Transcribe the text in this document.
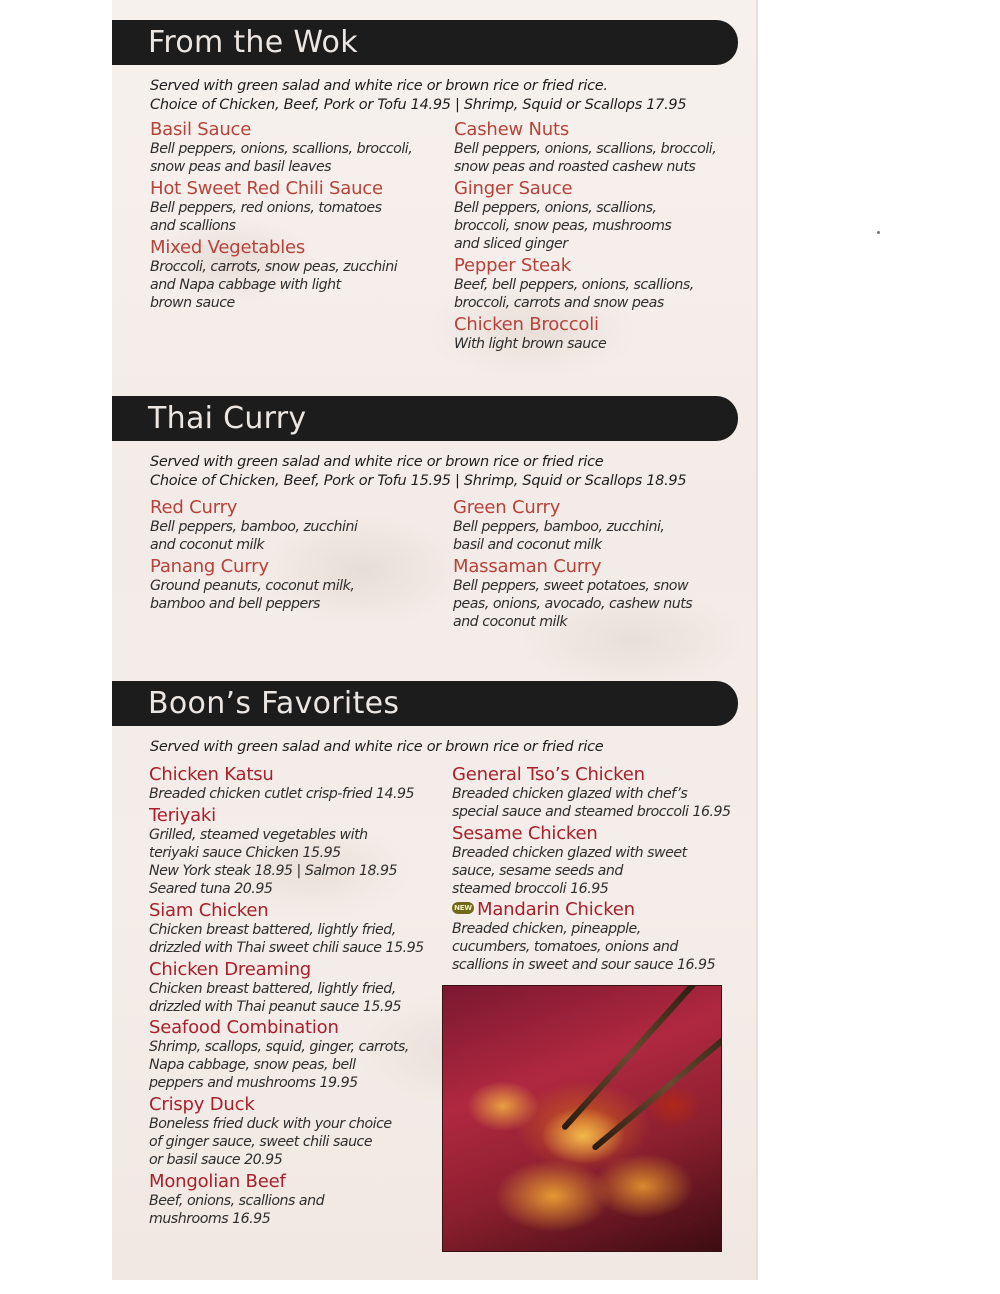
From the Wok
Served with green salad and white rice or brown rice or fried rice.
Choice of Chicken, Beef, Pork or Tofu 14.95 | Shrimp, Squid or Scallops 17.95
Basil Sauce
Bell peppers, onions, scallions, broccoli,
snow peas and basil leaves
Cashew Nuts
Bell peppers, onions, scallions, broccoli,
snow peas and roasted cashew nuts
Hot Sweet Red Chili Sauce
Bell peppers, red onions, tomatoes
and scallions
Ginger Sauce
Bell peppers, onions, scallions,
broccoli, snow peas, mushrooms
and sliced ginger
Mixed Vegetables
Broccoli, carrots, snow peas, zucchini
and Napa cabbage with light
brown sauce
Pepper Steak
Beef, bell peppers, onions, scallions,
broccoli, carrots and snow peas
Chicken Broccoli
With light brown sauce
Thai Curry
Served with green salad and white rice or brown rice or fried rice
Choice of Chicken, Beef, Pork or Tofu 15.95 | Shrimp, Squid or Scallops 18.95
Red Curry
Bell peppers, bamboo, zucchini
and coconut milk
Green Curry
Bell peppers, bamboo, zucchini,
basil and coconut milk
Panang Curry
Ground peanuts, coconut milk,
bamboo and bell peppers
Massaman Curry
Bell peppers, sweet potatoes, snow
peas, onions, avocado, cashew nuts
and coconut milk
Boon’s Favorites
Served with green salad and white rice or brown rice or fried rice
Chicken Katsu
Breaded chicken cutlet crisp-fried 14.95
Teriyaki
Grilled, steamed vegetables with
teriyaki sauce Chicken 15.95
New York steak 18.95 | Salmon 18.95
Seared tuna 20.95
Siam Chicken
Chicken breast battered, lightly fried,
drizzled with Thai sweet chili sauce 15.95
Chicken Dreaming
Chicken breast battered, lightly fried,
drizzled with Thai peanut sauce 15.95
Seafood Combination
Shrimp, scallops, squid, ginger, carrots,
Napa cabbage, snow peas, bell
peppers and mushrooms 19.95
Crispy Duck
Boneless fried duck with your choice
of ginger sauce, sweet chili sauce
or basil sauce 20.95
Mongolian Beef
Beef, onions, scallions and
mushrooms 16.95
General Tso’s Chicken
Breaded chicken glazed with chef’s
special sauce and steamed broccoli 16.95
Sesame Chicken
Breaded chicken glazed with sweet
sauce, sesame seeds and
steamed broccoli 16.95
NEW Mandarin Chicken
Breaded chicken, pineapple,
cucumbers, tomatoes, onions and
scallions in sweet and sour sauce 16.95
